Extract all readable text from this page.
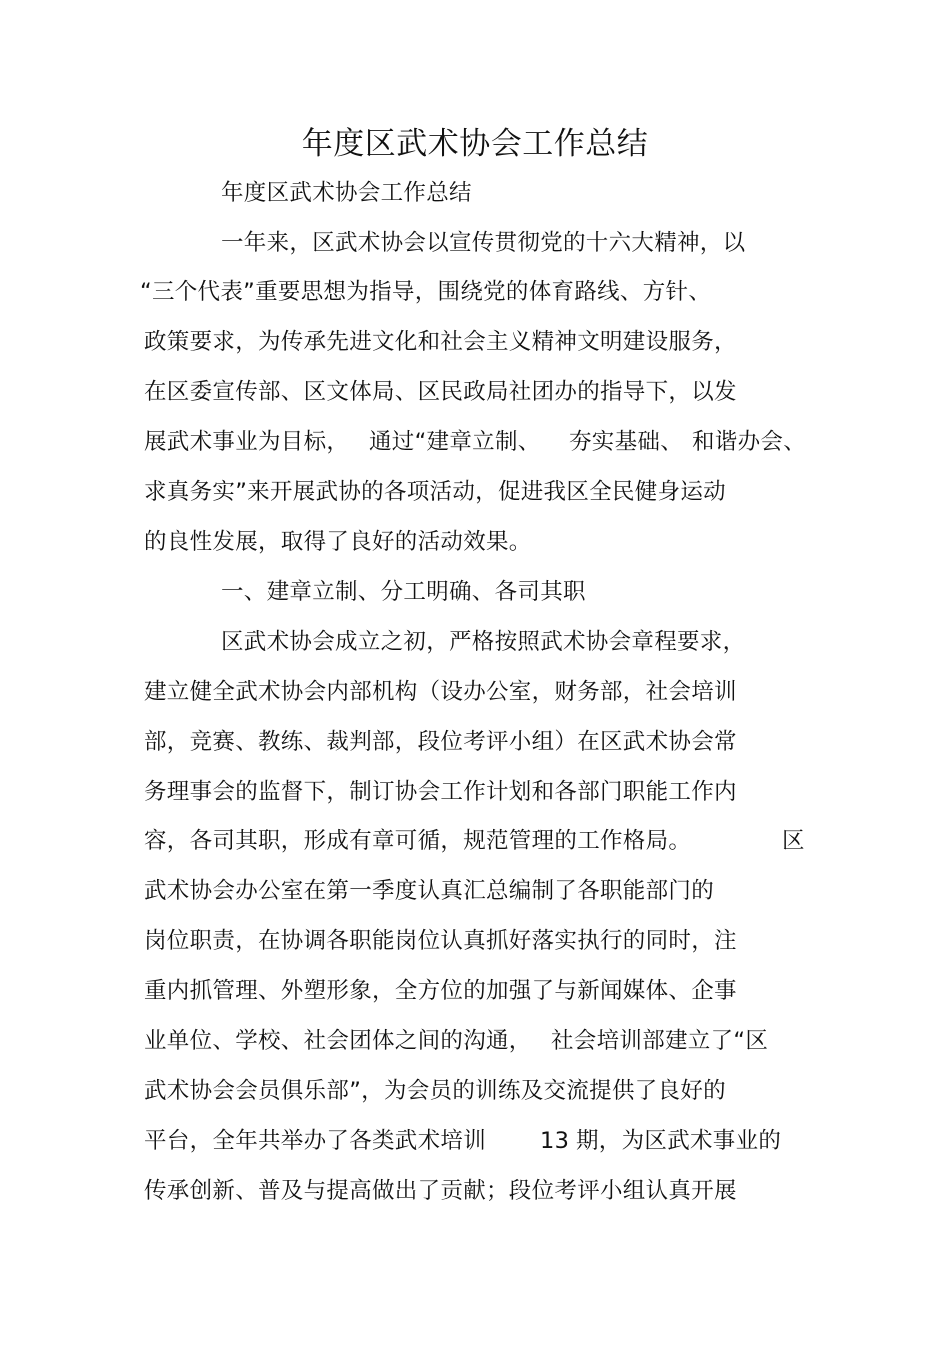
年度区武术协会工作总结
年度区武术协会工作总结
一年来，区武术协会以宣传贯彻党的十六大精神，以
“三个代表”重要思想为指导，围绕党的体育路线、方针、
政策要求，为传承先进文化和社会主义精神文明建设服务，
在区委宣传部、区文体局、区民政局社团办的指导下，以发
展武术事业为目标， 通过“建章立制、 夯实基础、 和谐办会、
求真务实”来开展武协的各项活动，促进我区全民健身运动
的良性发展，取得了良好的活动效果。
一、建章立制、分工明确、各司其职
区武术协会成立之初，严格按照武术协会章程要求，
建立健全武术协会内部机构（设办公室，财务部，社会培训
部，竞赛、教练、裁判部，段位考评小组）在区武术协会常
务理事会的监督下，制订协会工作计划和各部门职能工作内
容，各司其职，形成有章可循，规范管理的工作格局。	区
武术协会办公室在第一季度认真汇总编制了各职能部门的
岗位职责，在协调各职能岗位认真抓好落实执行的同时，注
重内抓管理、外塑形象，全方位的加强了与新闻媒体、企事
业单位、学校、社会团体之间的沟通， 社会培训部建立了“区
武术协会会员俱乐部”，为会员的训练及交流提供了良好的
平台，全年共举办了各类武术培训 13 期，为区武术事业的
传承创新、普及与提高做出了贡献；段位考评小组认真开展
